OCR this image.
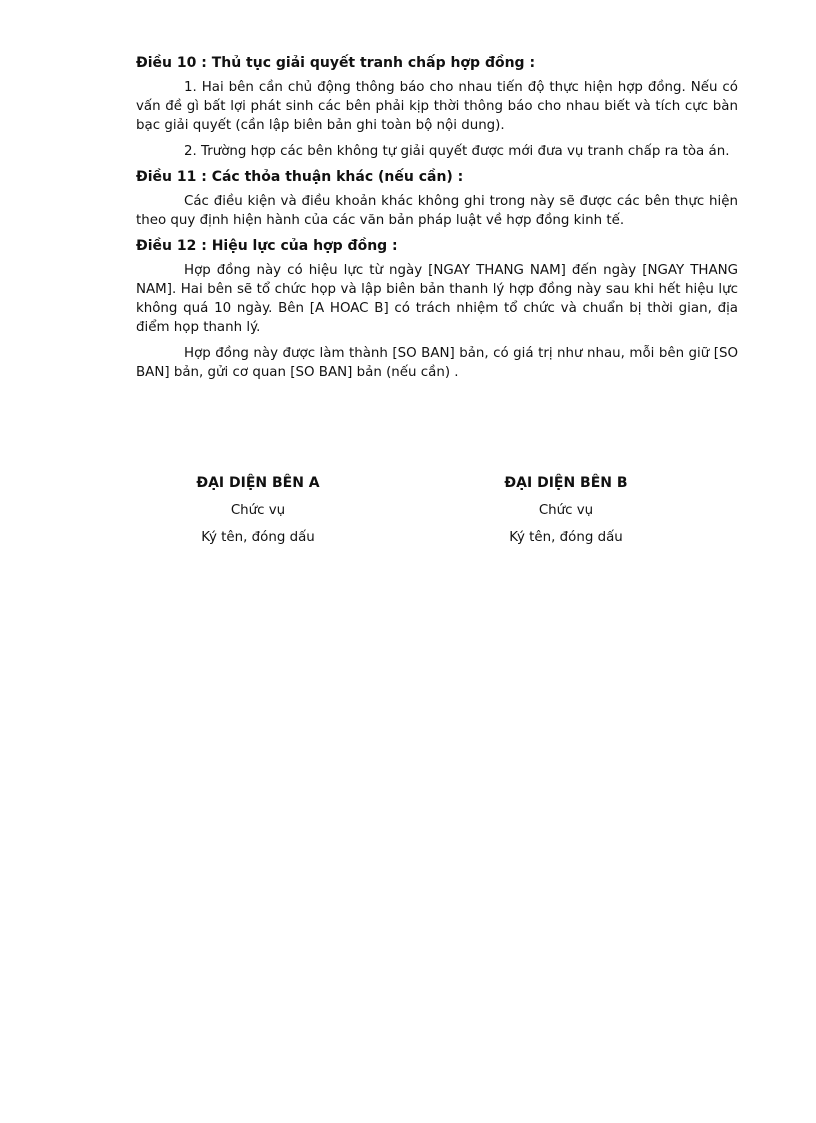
Điều 10 : Thủ tục giải quyết tranh chấp hợp đồng :

1. Hai bên cần chủ động thông báo cho nhau tiến độ thực hiện hợp đồng. Nếu có vấn đề gì bất lợi phát sinh các bên phải kịp thời thông báo cho nhau biết và tích cực bàn bạc giải quyết (cần lập biên bản ghi toàn bộ nội dung).

2. Trường hợp các bên không tự giải quyết được mới đưa vụ tranh chấp ra tòa án.

Điều 11 : Các thỏa thuận khác (nếu cần) :

Các điều kiện và điều khoản khác không ghi trong này sẽ được các bên thực hiện theo quy định hiện hành của các văn bản pháp luật về hợp đồng kinh tế.

Điều 12 : Hiệu lực của hợp đồng :

Hợp đồng này có hiệu lực từ ngày [NGAY THANG NAM] đến ngày [NGAY THANG NAM]. Hai bên sẽ tổ chức họp và lập biên bản thanh lý hợp đồng này sau khi hết hiệu lực không quá 10 ngày. Bên [A HOAC B] có trách nhiệm tổ chức và chuẩn bị thời gian, địa điểm họp thanh lý.

Hợp đồng này được làm thành [SO BAN] bản, có giá trị như nhau, mỗi bên giữ [SO BAN] bản, gửi cơ quan [SO BAN] bản (nếu cần) .

ĐẠI DIỆN BÊN A

Chức vụ

Ký tên, đóng dấu

ĐẠI DIỆN BÊN B

Chức vụ

Ký tên, đóng dấu
